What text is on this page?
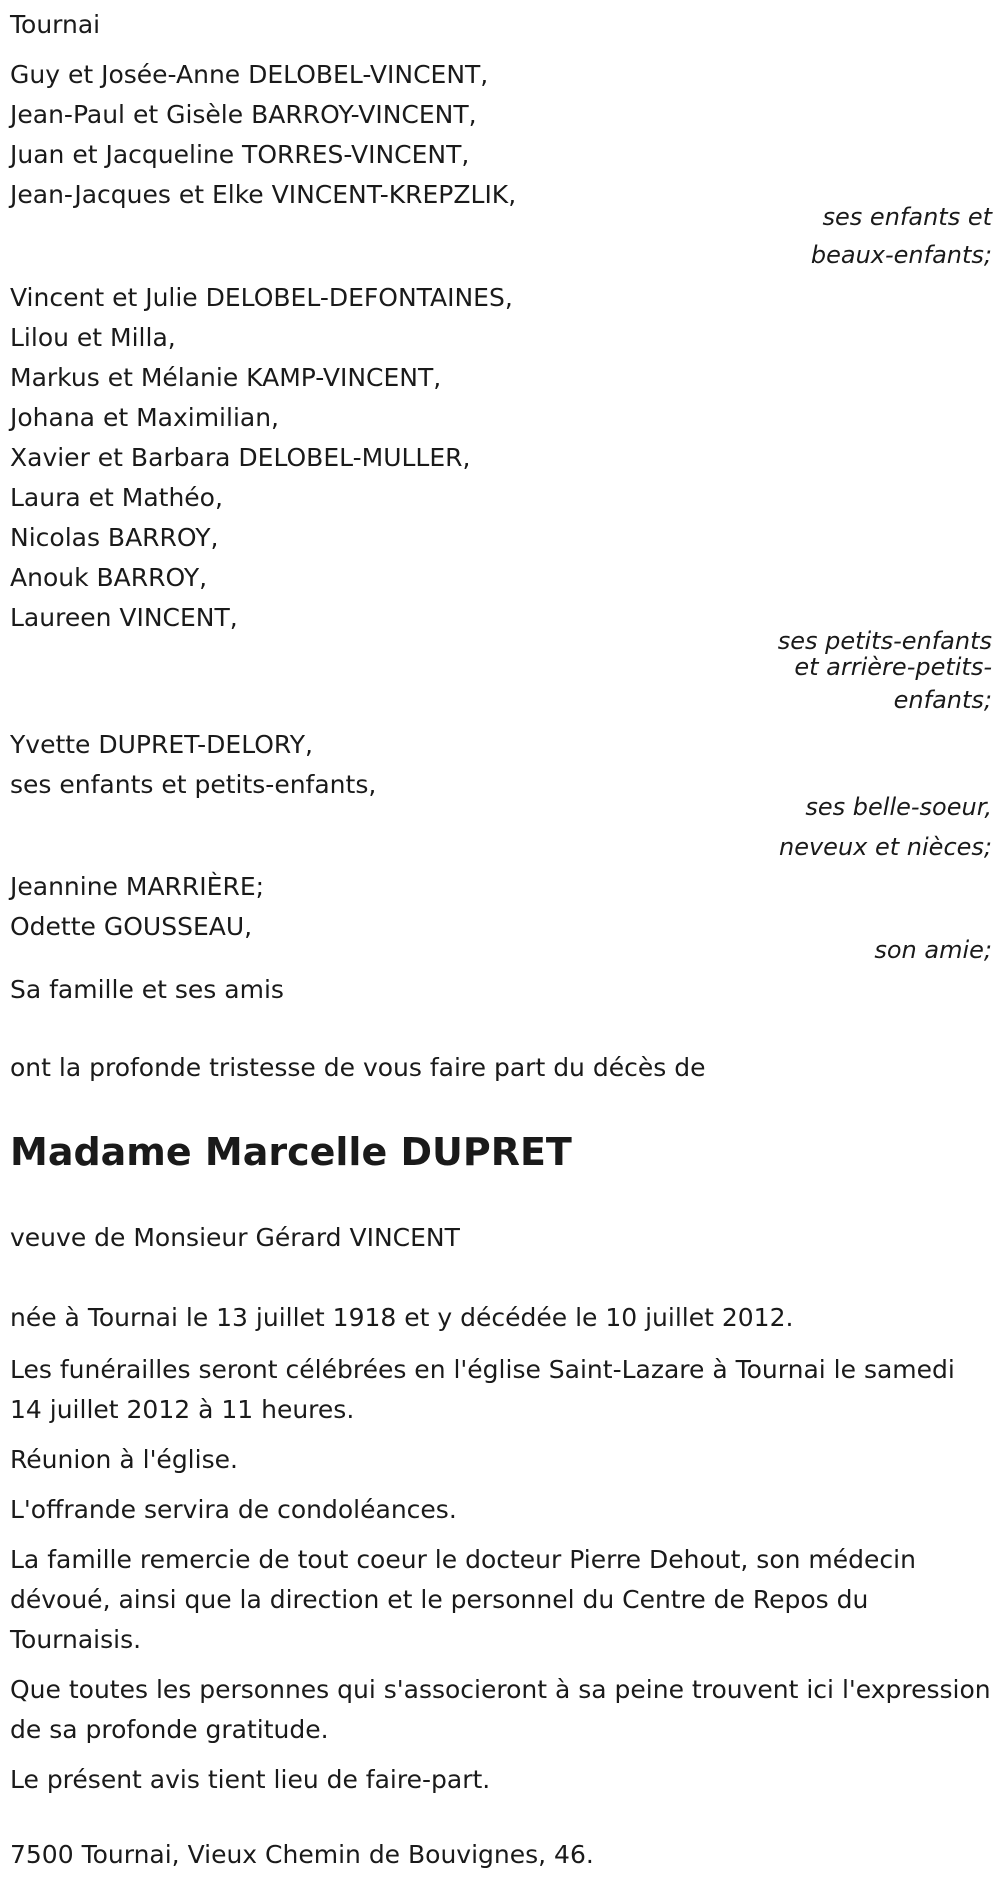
Tournai
Guy et Josée-Anne DELOBEL-VINCENT,
Jean-Paul et Gisèle BARROY-VINCENT,
Juan et Jacqueline TORRES-VINCENT,
Jean-Jacques et Elke VINCENT-KREPZLIK,
ses enfants et
beaux-enfants;
Vincent et Julie DELOBEL-DEFONTAINES,
Lilou et Milla,
Markus et Mélanie KAMP-VINCENT,
Johana et Maximilian,
Xavier et Barbara DELOBEL-MULLER,
Laura et Mathéo,
Nicolas BARROY,
Anouk BARROY,
Laureen VINCENT,
ses petits-enfants
et arrière-petits-
enfants;
Yvette DUPRET-DELORY,
ses enfants et petits-enfants,
ses belle-soeur,
neveux et nièces;
Jeannine MARRIÈRE;
Odette GOUSSEAU,
son amie;
Sa famille et ses amis
ont la profonde tristesse de vous faire part du décès de
Madame Marcelle DUPRET
veuve de Monsieur Gérard VINCENT
née à Tournai le 13 juillet 1918 et y décédée le 10 juillet 2012.
Les funérailles seront célébrées en l'église Saint-Lazare à Tournai le samedi 14 juillet 2012 à 11 heures.
Réunion à l'église.
L'offrande servira de condoléances.
La famille remercie de tout coeur le docteur Pierre Dehout, son médecin dévoué, ainsi que la direction et le personnel du Centre de Repos du Tournaisis.
Que toutes les personnes qui s'associeront à sa peine trouvent ici l'expression de sa profonde gratitude.
Le présent avis tient lieu de faire-part.
7500 Tournai, Vieux Chemin de Bouvignes, 46.
